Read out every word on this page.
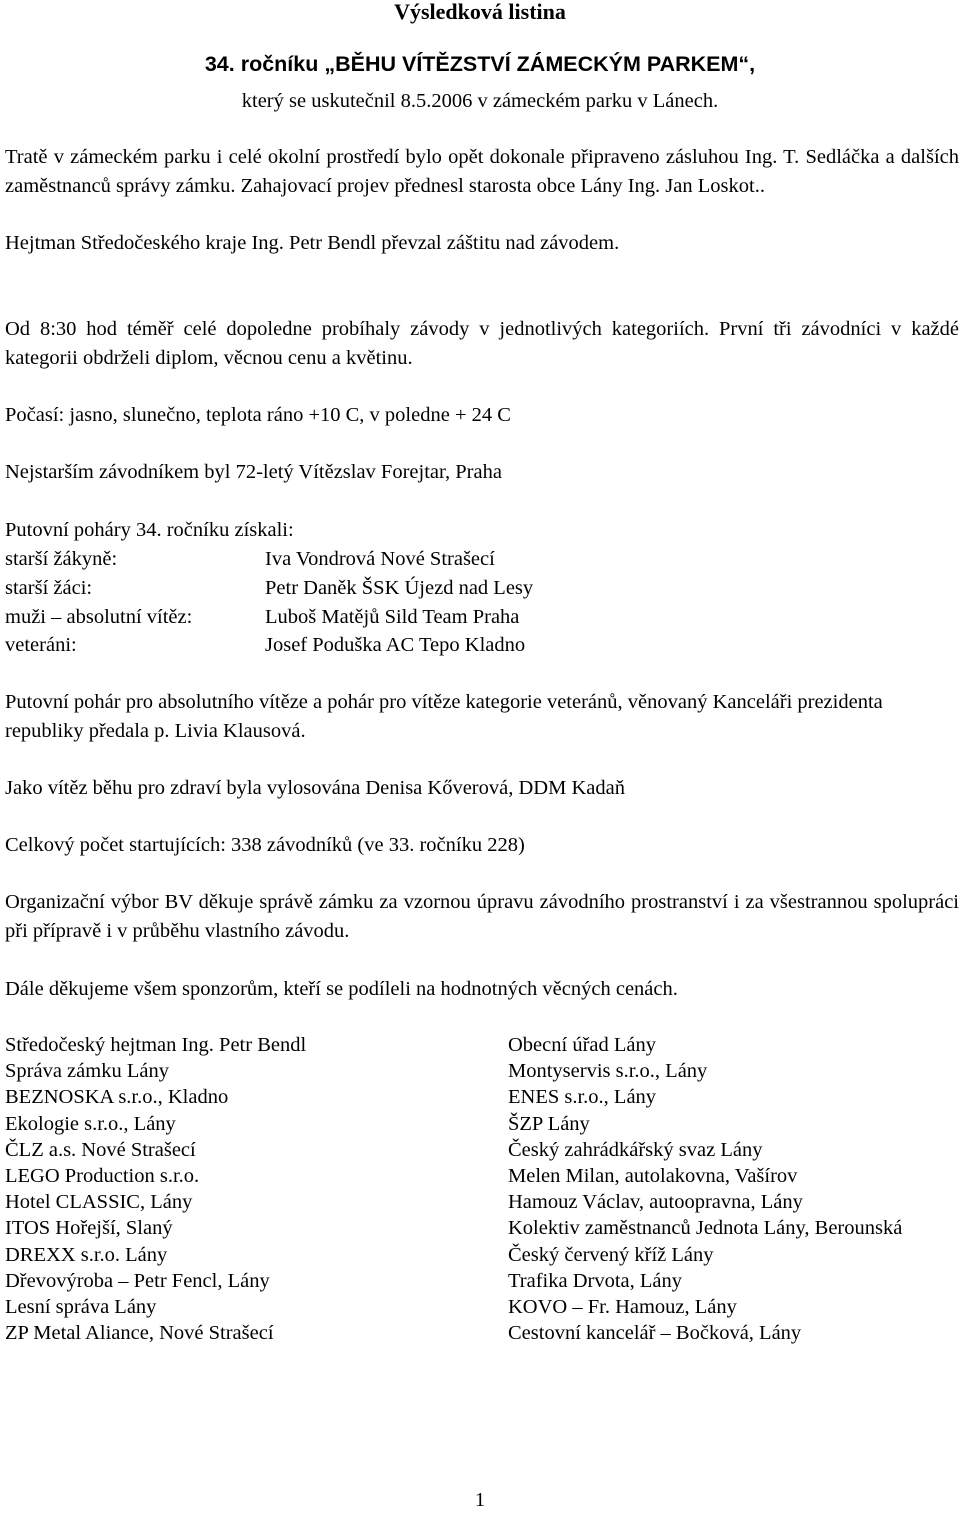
Výsledková listina

34. ročníku „BĚHU VÍTĚZSTVÍ ZÁMECKÝM PARKEM“,

který se uskutečnil 8.5.2006 v zámeckém parku v Lánech.

Tratě v zámeckém parku i celé okolní prostředí bylo opět dokonale připraveno zásluhou Ing. T. Sedláčka a dalších zaměstnanců správy zámku. Zahajovací projev přednesl starosta obce Lány Ing. Jan Loskot..

Hejtman Středočeského kraje Ing. Petr Bendl převzal záštitu nad závodem.

Od 8:30 hod téměř celé dopoledne probíhaly závody v jednotlivých kategoriích. První tři závodníci v každé kategorii obdrželi diplom, věcnou cenu a květinu.

Počasí: jasno, slunečno, teplota ráno +10 C, v poledne + 24 C

Nejstarším závodníkem byl 72-letý Vítězslav Forejtar, Praha

Putovní poháry 34. ročníku získali:

starší žákyně:	Iva Vondrová Nové Strašecí
starší žáci:	Petr Daněk ŠSK Újezd nad Lesy
muži – absolutní vítěz:	Luboš Matějů Sild Team Praha
veteráni:	Josef Poduška AC Tepo Kladno

Putovní pohár pro absolutního vítěze a pohár pro vítěze kategorie veteránů, věnovaný Kanceláři prezidenta republiky předala p. Livia Klausová.

Jako vítěz běhu pro zdraví byla vylosována Denisa Kőverová, DDM Kadaň

Celkový počet startujících: 338 závodníků (ve 33. ročníku 228)

Organizační výbor BV děkuje správě zámku za vzornou úpravu závodního prostranství i za všestrannou spolupráci při přípravě i v průběhu vlastního závodu.

Dále děkujeme všem sponzorům, kteří se podíleli na hodnotných věcných cenách.

Středočeský hejtman Ing. Petr Bendl
Správa zámku Lány
BEZNOSKA s.r.o., Kladno
Ekologie s.r.o., Lány
ČLZ a.s. Nové Strašecí
LEGO Production s.r.o.
Hotel CLASSIC, Lány
ITOS Hořejší, Slaný
DREXX s.r.o. Lány
Dřevovýroba – Petr Fencl, Lány
Lesní správa Lány
ZP Metal Aliance, Nové Strašecí
Obecní úřad Lány
Montyservis s.r.o., Lány
ENES s.r.o., Lány
ŠZP Lány
Český zahrádkářský svaz Lány
Melen Milan, autolakovna, Vašírov
Hamouz Václav, autoopravna, Lány
Kolektiv zaměstnanců Jednota Lány, Berounská
Český červený kříž Lány
Trafika Drvota, Lány
KOVO – Fr. Hamouz, Lány
Cestovní kancelář – Bočková, Lány

1
